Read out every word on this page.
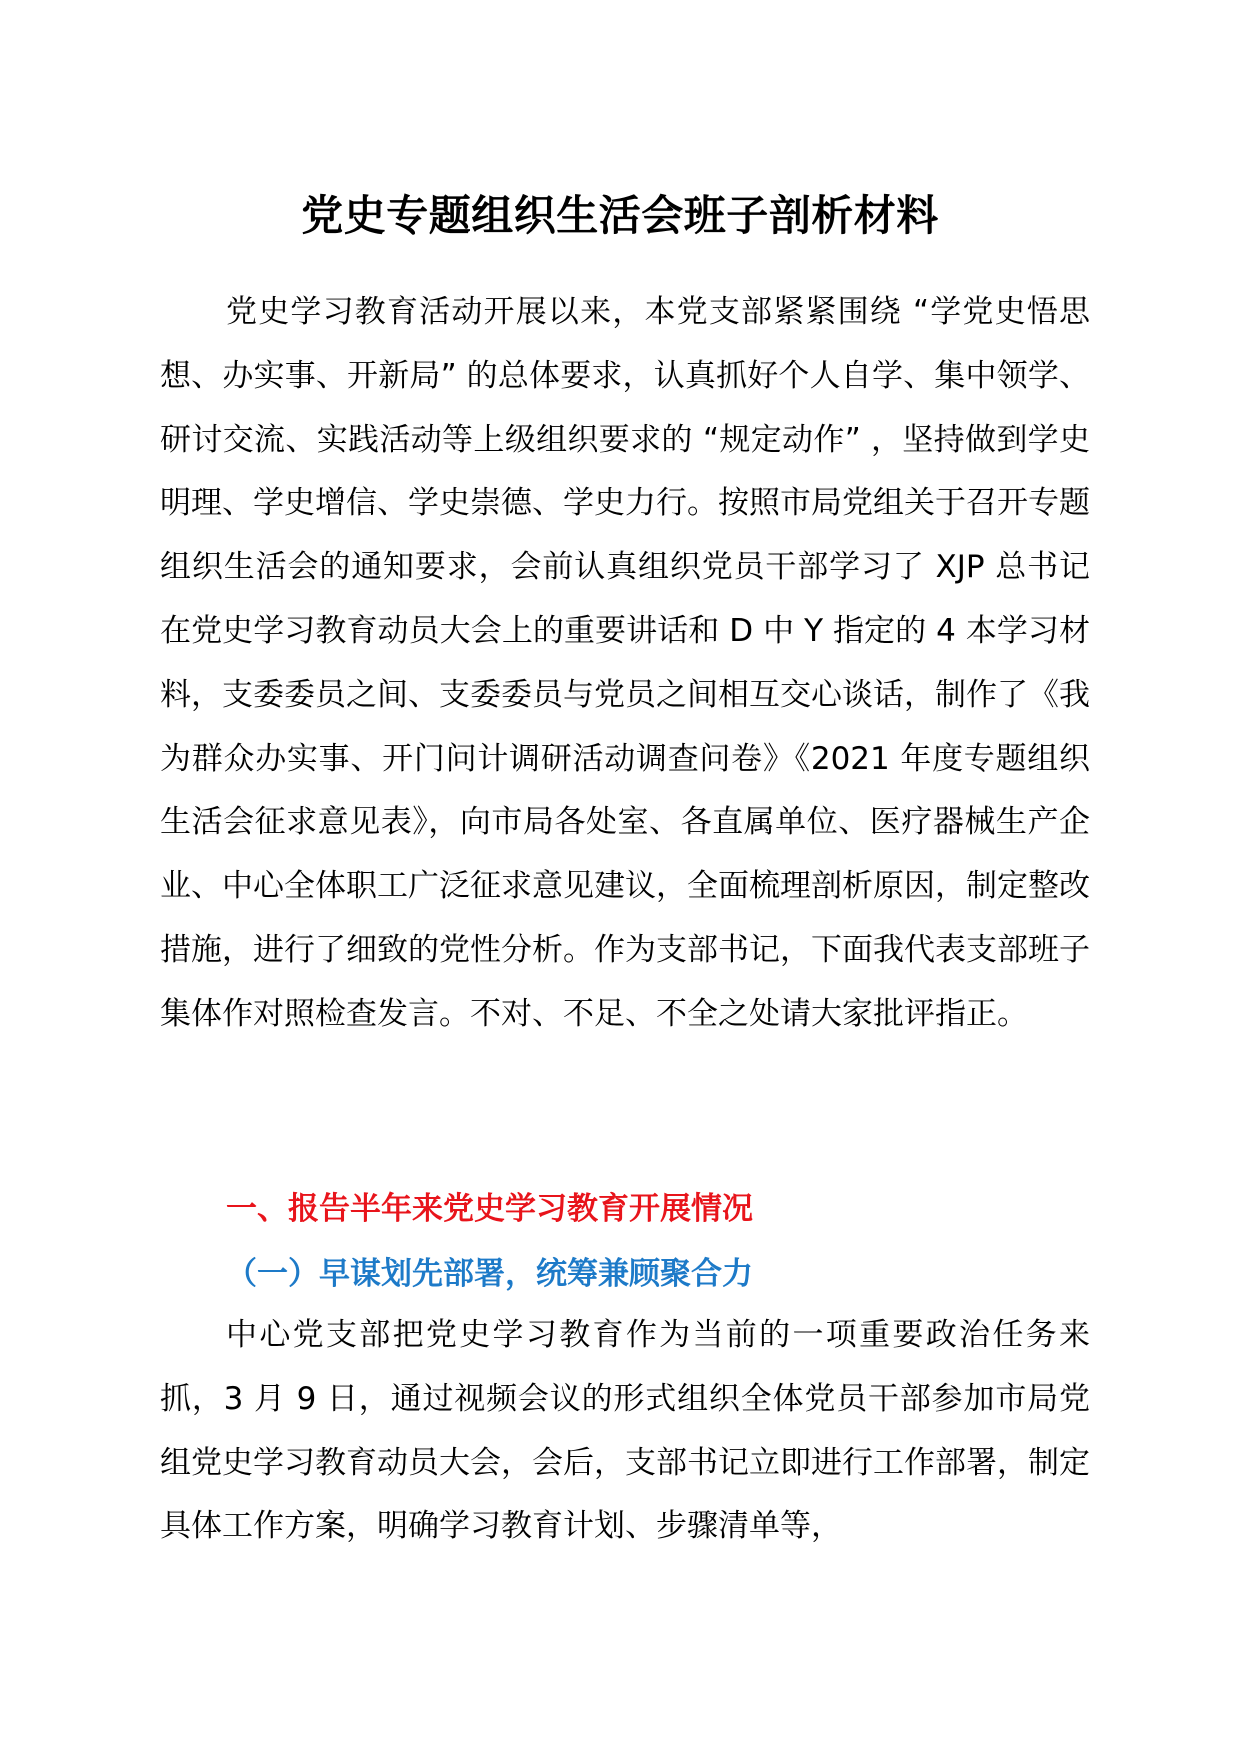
党史专题组织生活会班子剖析材料

党史学习教育活动开展以来，本党支部紧紧围绕 “学党史悟思想、办实事、开新局” 的总体要求，认真抓好个人自学、集中领学、研讨交流、实践活动等上级组织要求的 “规定动作” ，坚持做到学史明理、学史增信、学史崇德、学史力行。按照市局党组关于召开专题组织生活会的通知要求，会前认真组织党员干部学习了 XJP 总书记在党史学习教育动员大会上的重要讲话和 D 中 Y 指定的 4 本学习材料，支委委员之间、支委委员与党员之间相互交心谈话，制作了《我为群众办实事、开门问计调研活动调查问卷》《2021 年度专题组织生活会征求意见表》，向市局各处室、各直属单位、医疗器械生产企业、中心全体职工广泛征求意见建议，全面梳理剖析原因，制定整改措施，进行了细致的党性分析。作为支部书记，下面我代表支部班子集体作对照检查发言。不对、不足、不全之处请大家批评指正。

一、报告半年来党史学习教育开展情况
（一）早谋划先部署，统筹兼顾聚合力

中心党支部把党史学习教育作为当前的一项重要政治任务来抓，3 月 9 日，通过视频会议的形式组织全体党员干部参加市局党组党史学习教育动员大会，会后，支部书记立即进行工作部署，制定具体工作方案，明确学习教育计划、步骤清单等，
